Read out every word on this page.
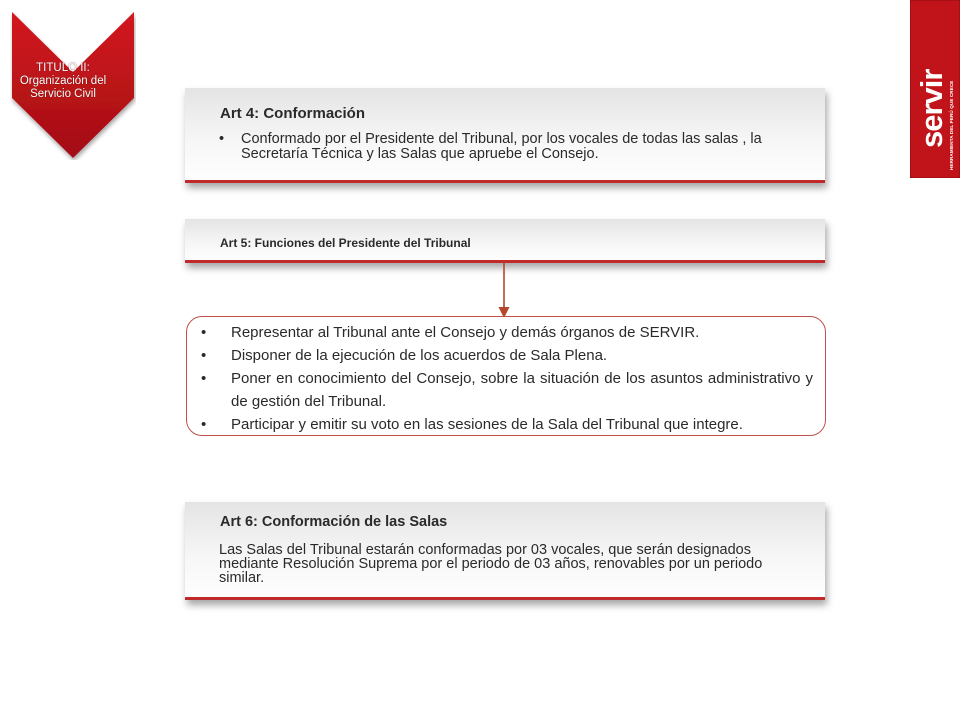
TITULO II: Organización del Servicio Civil	servir HERRAMIENTA DEL PERÚ QUE CRECE
Art 4: Conformación
• Conformado por el Presidente del Tribunal, por los vocales de todas las salas , la Secretaría Técnica y las Salas que apruebe el Consejo.
Art 5: Funciones del Presidente del Tribunal
• Representar al Tribunal ante el Consejo y demás órganos de SERVIR.
• Disponer de la ejecución de los acuerdos de Sala Plena.
• Poner en conocimiento del Consejo, sobre la situación de los asuntos administrativo y de gestión del Tribunal.
• Participar y emitir su voto en las sesiones de la Sala del Tribunal que integre.
Art 6: Conformación de las Salas
Las Salas del Tribunal estarán conformadas por 03 vocales, que serán designados mediante Resolución Suprema por el periodo de 03 años, renovables por un periodo similar.
